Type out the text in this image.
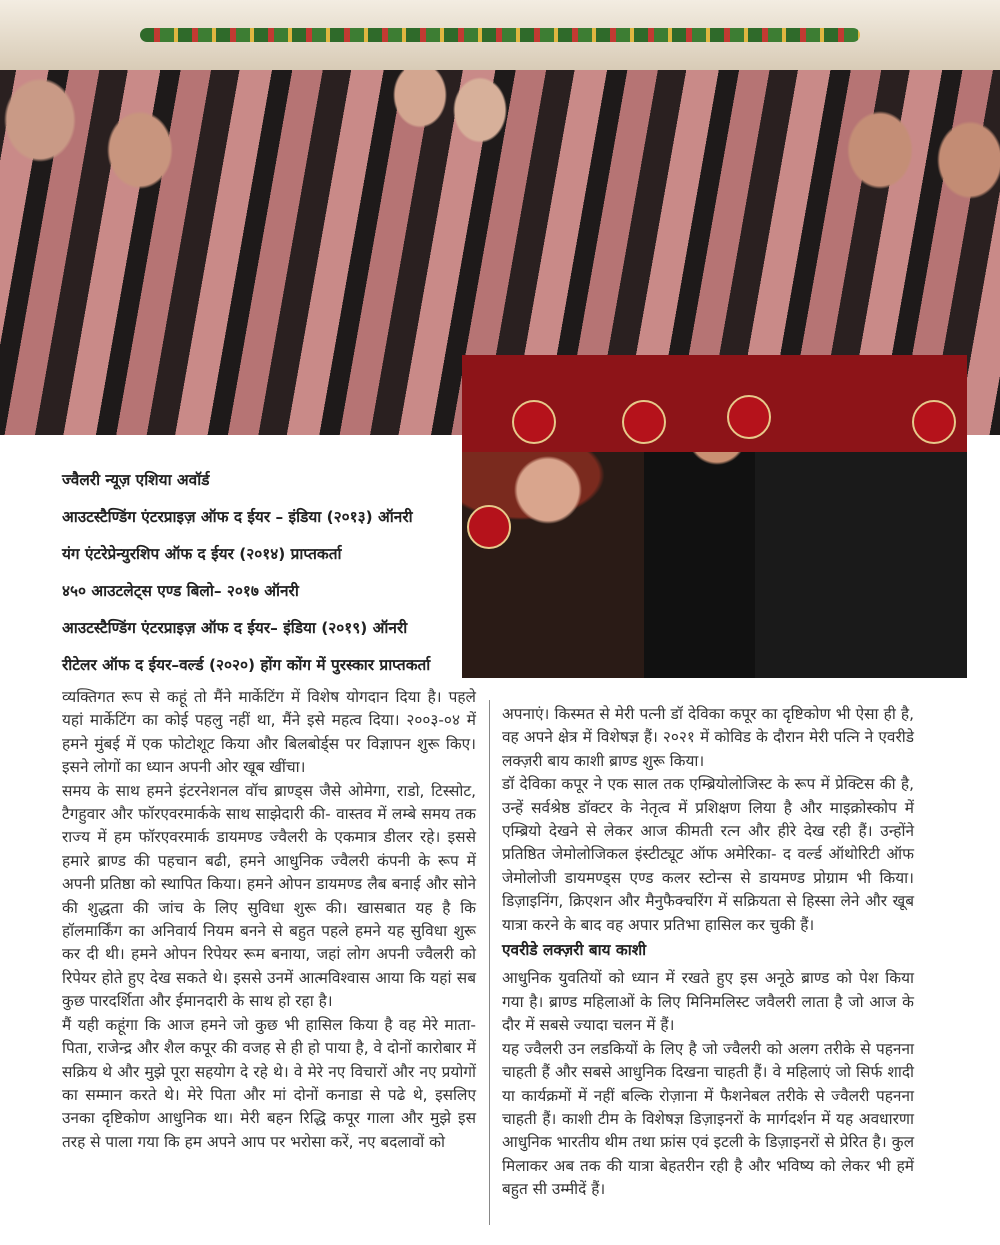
ज्वैलरी न्यूज़ एशिया अवॉर्ड
आउटस्टैण्डिंग एंटरप्राइज़ ऑफ द ईयर – इंडिया (२०१३) ऑनरी
यंग एंटरेप्रेन्युरशिप ऑफ द ईयर (२०१४) प्राप्तकर्ता
४५० आउटलेट्स एण्ड बिलो– २०१७ ऑनरी
आउटस्टैण्डिंग एंटरप्राइज़ ऑफ द ईयर– इंडिया (२०१९) ऑनरी
रीटेलर ऑफ द ईयर–वर्ल्ड (२०२०) होंग कोंग में पुरस्कार प्राप्तकर्ता

व्यक्तिगत रूप से कहूं तो मैंने मार्केटिंग में विशेष योगदान दिया है। पहले यहां मार्केटिंग का कोई पहलु नहीं था, मैंने इसे महत्व दिया। २००३-०४ में हमने मुंबई में एक फोटोशूट किया और बिलबोर्ड्स पर विज्ञापन शुरू किए। इसने लोगों का ध्यान अपनी ओर खूब खींचा।

समय के साथ हमने इंटरनेशनल वॉच ब्राण्ड्स जैसे ओमेगा, राडो, टिस्सोट, टैगहुवार और फॉरएवरमार्कके साथ साझेदारी की- वास्तव में लम्बे समय तक राज्य में हम फॉरएवरमार्क डायमण्ड ज्वैलरी के एकमात्र डीलर रहे। इससे हमारे ब्राण्ड की पहचान बढी, हमने आधुनिक ज्वैलरी कंपनी के रूप में अपनी प्रतिष्ठा को स्थापित किया। हमने ओपन डायमण्ड लैब बनाई और सोने की शुद्धता की जांच के लिए सुविधा शुरू की। खासबात यह है कि हॉलमार्किंग का अनिवार्य नियम बनने से बहुत पहले हमने यह सुविधा शुरू कर दी थी। हमने ओपन रिपेयर रूम बनाया, जहां लोग अपनी ज्वैलरी को रिपेयर होते हुए देख सकते थे। इससे उनमें आत्मविश्वास आया कि यहां सब कुछ पारदर्शिता और ईमानदारी के साथ हो रहा है।

मैं यही कहूंगा कि आज हमने जो कुछ भी हासिल किया है वह मेरे माता-पिता, राजेन्द्र और शैल कपूर की वजह से ही हो पाया है, वे दोनों कारोबार में सक्रिय थे और मुझे पूरा सहयोग दे रहे थे। वे मेरे नए विचारों और नए प्रयोगों का सम्मान करते थे। मेरे पिता और मां दोनों कनाडा से पढे थे, इसलिए उनका दृष्टिकोण आधुनिक था। मेरी बहन रिद्धि कपूर गाला और मुझे इस तरह से पाला गया कि हम अपने आप पर भरोसा करें, नए बदलावों को

अपनाएं। किस्मत से मेरी पत्नी डॉ देविका कपूर का दृष्टिकोण भी ऐसा ही है, वह अपने क्षेत्र में विशेषज्ञ हैं। २०२१ में कोविड के दौरान मेरी पत्नि ने एवरीडे लक्ज़री बाय काशी ब्राण्ड शुरू किया।

डॉ देविका कपूर ने एक साल तक एम्ब्रियोलोजिस्ट के रूप में प्रेक्टिस की है, उन्हें सर्वश्रेष्ठ डॉक्टर के नेतृत्व में प्रशिक्षण लिया है और माइक्रोस्कोप में एम्ब्रियो देखने से लेकर आज कीमती रत्न और हीरे देख रही हैं। उन्होंने प्रतिष्ठित जेमोलोजिकल इंस्टीट्यूट ऑफ अमेरिका- द वर्ल्ड ऑथोरिटी ऑफ जेमोलोजी डायमण्ड्स एण्ड कलर स्टोन्स से डायमण्ड प्रोग्राम भी किया। डिज़ाइनिंग, क्रिएशन और मैनुफैक्चरिंग में सक्रियता से हिस्सा लेने और खूब यात्रा करने के बाद वह अपार प्रतिभा हासिल कर चुकी हैं।

एवरीडे लक्ज़री बाय काशी

आधुनिक युवतियों को ध्यान में रखते हुए इस अनूठे ब्राण्ड को पेश किया गया है। ब्राण्ड महिलाओं के लिए मिनिमलिस्ट जवैलरी लाता है जो आज के दौर में सबसे ज्यादा चलन में हैं।

यह ज्वैलरी उन लडकियों के लिए है जो ज्वैलरी को अलग तरीके से पहनना चाहती हैं और सबसे आधुनिक दिखना चाहती हैं। वे महिलाएं जो सिर्फ शादी या कार्यक्रमों में नहीं बल्कि रोज़ाना में फैशनेबल तरीके से ज्वैलरी पहनना चाहती हैं। काशी टीम के विशेषज्ञ डिज़ाइनरों के मार्गदर्शन में यह अवधारणा आधुनिक भारतीय थीम तथा फ्रांस एवं इटली के डिज़ाइनरों से प्रेरित है। कुल मिलाकर अब तक की यात्रा बेहतरीन रही है और भविष्य को लेकर भी हमें बहुत सी उम्मीदें हैं।
